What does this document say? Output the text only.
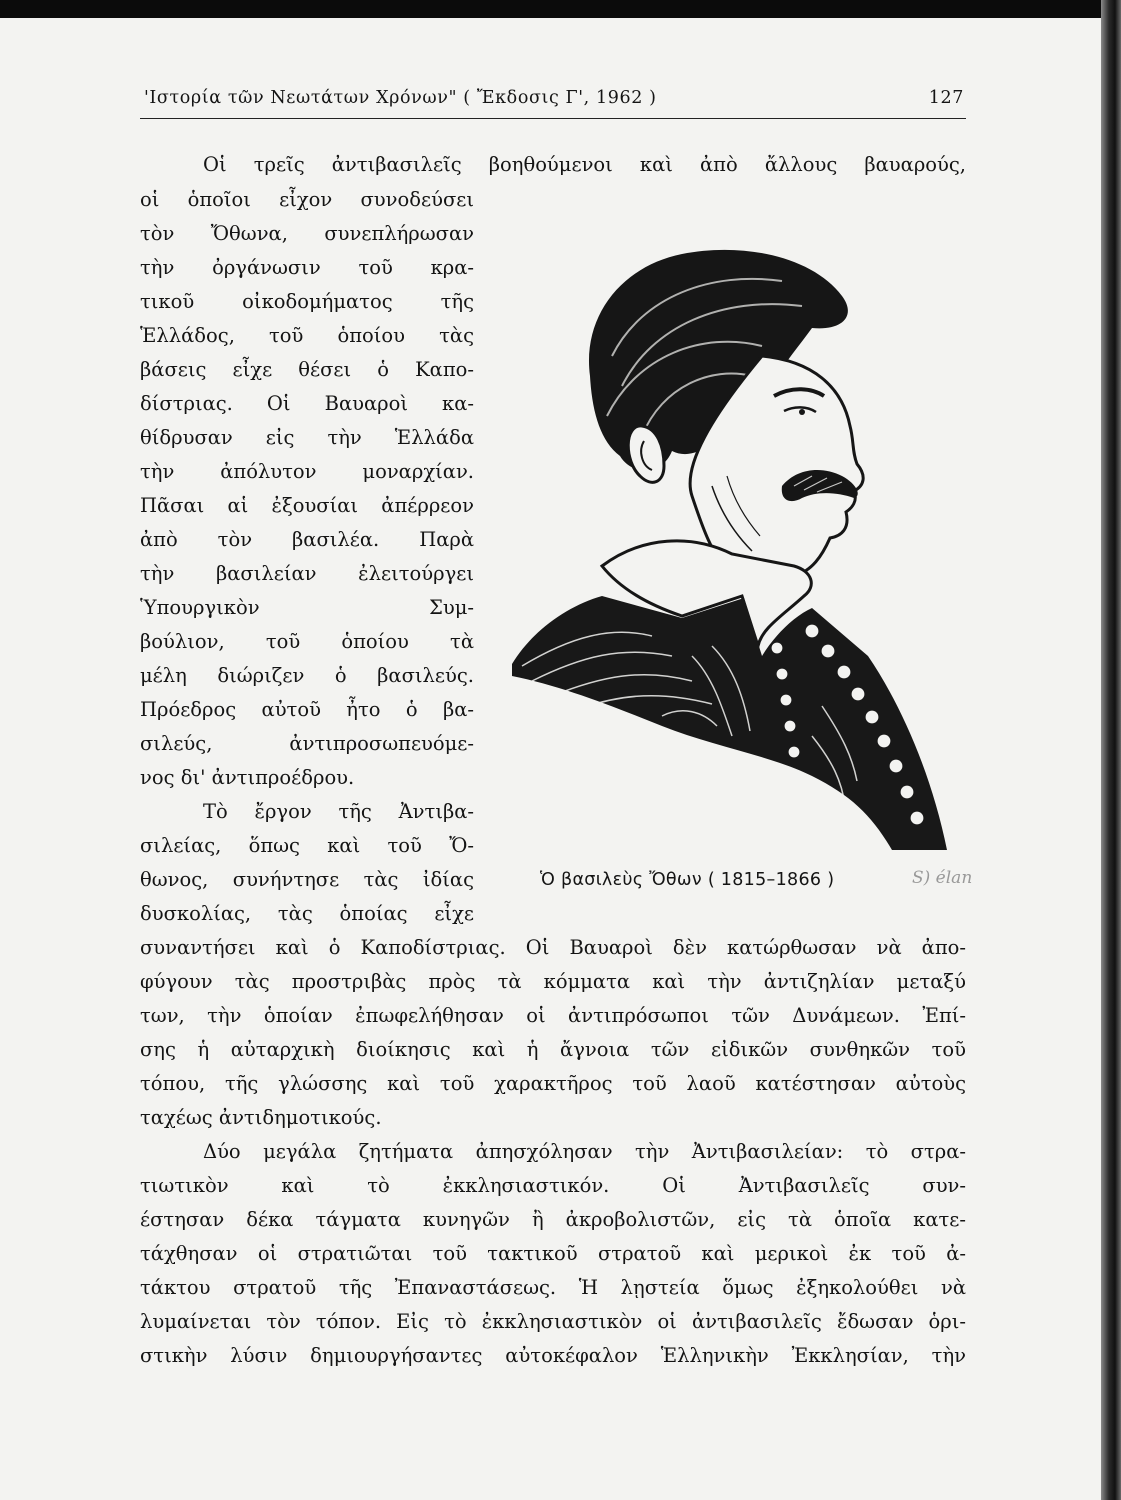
'Ιστορία τῶν Νεωτάτων Χρόνων" ( Ἔκδοσις Γ', 1962 )	127
Οἱ τρεῖς ἀντιβασιλεῖς βοηθούμενοι καὶ ἀπὸ ἄλλους βαυαρούς,
οἱ ὁποῖοι εἶχον συνοδεύσει
τὸν Ὄθωνα, συνεπλήρωσαν
τὴν ὀργάνωσιν τοῦ κρα-
τικοῦ οἰκοδομήματος τῆς
Ἑλλάδος, τοῦ ὁποίου τὰς
βάσεις εἶχε θέσει ὁ Καπο-
δίστριας. Οἱ Βαυαροὶ κα-
θίδρυσαν εἰς τὴν Ἑλλάδα
τὴν ἀπόλυτον μοναρχίαν.
Πᾶσαι αἱ ἐξουσίαι ἀπέρρεον
ἀπὸ τὸν βασιλέα. Παρὰ
τὴν βασιλείαν ἐλειτούργει
Ὑπουργικὸν Συμ-
βούλιον, τοῦ ὁποίου τὰ
μέλη διώριζεν ὁ βασιλεύς.
Πρόεδρος αὐτοῦ ἦτο ὁ βα-
σιλεύς, ἀντιπροσωπευόμε-
νος δι' ἀντιπροέδρου.
Τὸ ἔργον τῆς Ἀντιβα-
σιλείας, ὅπως καὶ τοῦ Ὄ-
θωνος, συνήντησε τὰς ἰδίας
δυσκολίας, τὰς ὁποίας εἶχε
συναντήσει καὶ ὁ Καποδίστριας. Οἱ Βαυαροὶ δὲν κατώρθωσαν νὰ ἀπο-
φύγουν τὰς προστριβὰς πρὸς τὰ κόμματα καὶ τὴν ἀντιζηλίαν μεταξύ
των, τὴν ὁποίαν ἐπωφελήθησαν οἱ ἀντιπρόσωποι τῶν Δυνάμεων. Ἐπί-
σης ἡ αὐταρχικὴ διοίκησις καὶ ἡ ἄγνοια τῶν εἰδικῶν συνθηκῶν τοῦ
τόπου, τῆς γλώσσης καὶ τοῦ χαρακτῆρος τοῦ λαοῦ κατέστησαν αὐτοὺς
ταχέως ἀντιδημοτικούς.
Δύο μεγάλα ζητήματα ἀπησχόλησαν τὴν Ἀντιβασιλείαν: τὸ στρα-
τιωτικὸν καὶ τὸ ἐκκλησιαστικόν. Οἱ Ἀντιβασιλεῖς συν-
έστησαν δέκα τάγματα κυνηγῶν ἢ ἀκροβολιστῶν, εἰς τὰ ὁποῖα κατε-
τάχθησαν οἱ στρατιῶται τοῦ τακτικοῦ στρατοῦ καὶ μερικοὶ ἐκ τοῦ ἀ-
τάκτου στρατοῦ τῆς Ἐπαναστάσεως. Ἡ λῃστεία ὅμως ἐξηκολούθει νὰ
λυμαίνεται τὸν τόπον. Εἰς τὸ ἐκκλησιαστικὸν οἱ ἀντιβασιλεῖς ἔδωσαν ὁρι-
στικὴν λύσιν δημιουργήσαντες αὐτοκέφαλον Ἑλληνικὴν Ἐκκλησίαν, τὴν
Ὁ βασιλεὺς Ὄθων ( 1815–1866 )	S) élan
